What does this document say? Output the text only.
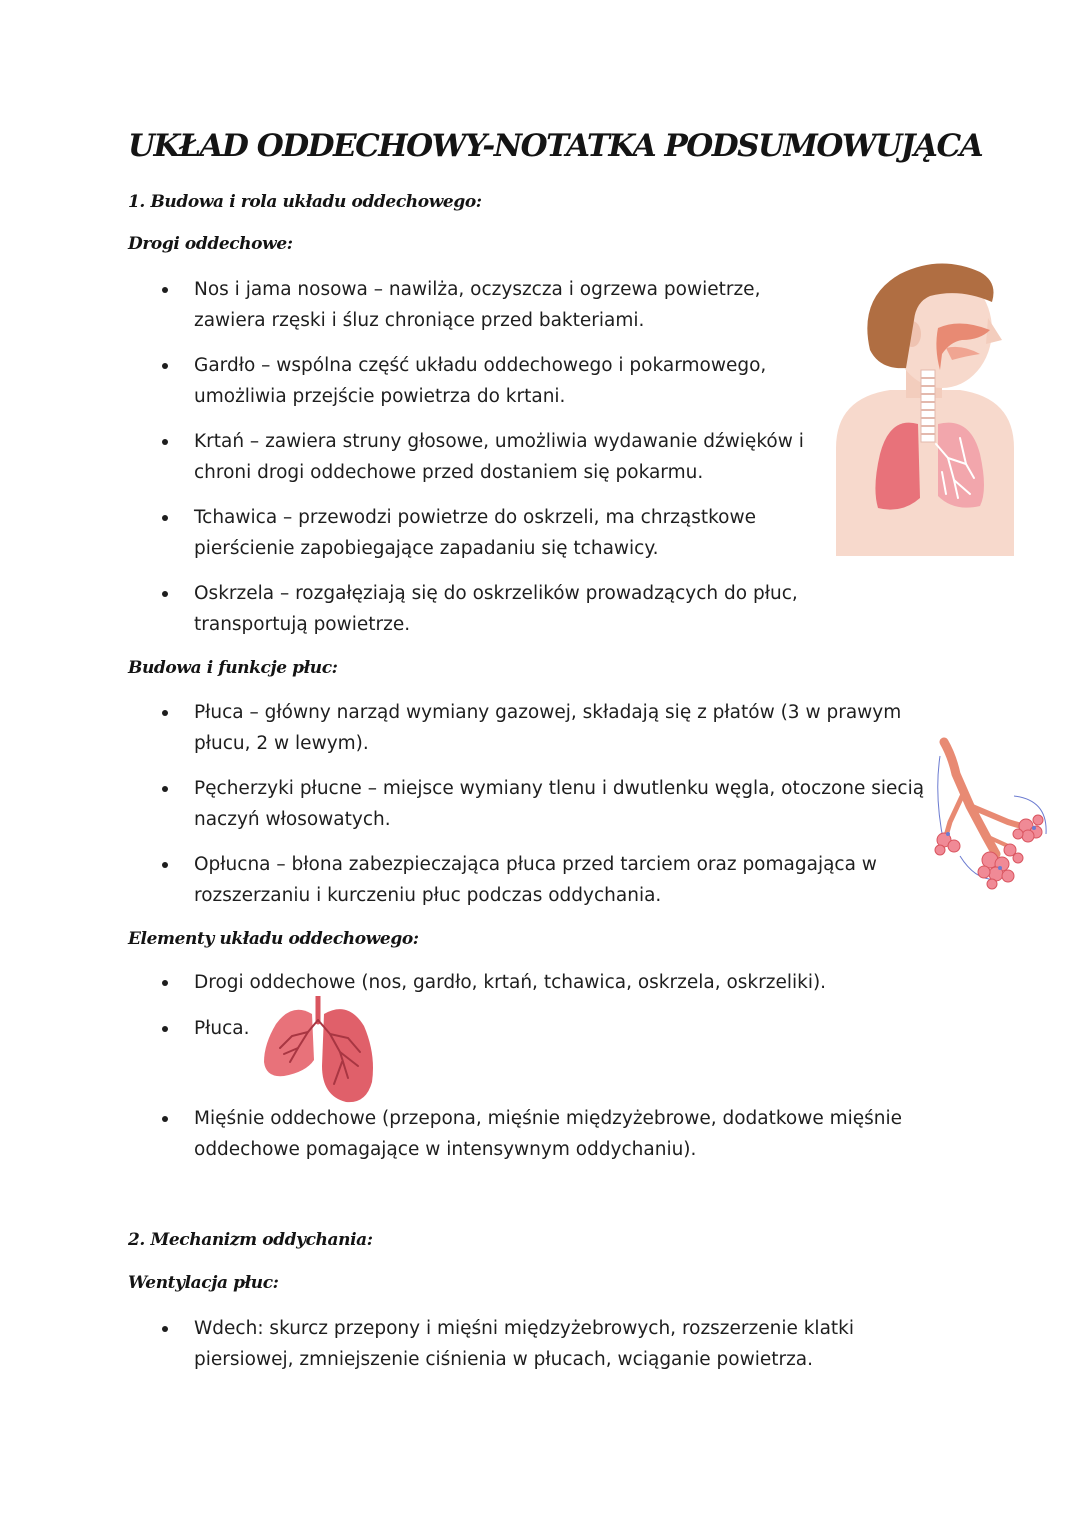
UKŁAD ODDECHOWY-NOTATKA PODSUMOWUJĄCA
1. Budowa i rola układu oddechowego:
Drogi oddechowe:
Nos i jama nosowa – nawilża, oczyszcza i ogrzewa powietrze,
zawiera rzęski i śluz chroniące przed bakteriami.
Gardło – wspólna część układu oddechowego i pokarmowego,
umożliwia przejście powietrza do krtani.
Krtań – zawiera struny głosowe, umożliwia wydawanie dźwięków i
chroni drogi oddechowe przed dostaniem się pokarmu.
Tchawica – przewodzi powietrze do oskrzeli, ma chrząstkowe
pierścienie zapobiegające zapadaniu się tchawicy.
Oskrzela – rozgałęziają się do oskrzelików prowadzących do płuc,
transportują powietrze.
Budowa i funkcje płuc:
Płuca – główny narząd wymiany gazowej, składają się z płatów (3 w prawym
płucu, 2 w lewym).
Pęcherzyki płucne – miejsce wymiany tlenu i dwutlenku węgla, otoczone siecią
naczyń włosowatych.
Opłucna – błona zabezpieczająca płuca przed tarciem oraz pomagająca w
rozszerzaniu i kurczeniu płuc podczas oddychania.
Elementy układu oddechowego:
Drogi oddechowe (nos, gardło, krtań, tchawica, oskrzela, oskrzeliki).
Płuca.
Mięśnie oddechowe (przepona, mięśnie międzyżebrowe, dodatkowe mięśnie
oddechowe pomagające w intensywnym oddychaniu).
2. Mechanizm oddychania:
Wentylacja płuc:
Wdech: skurcz przepony i mięśni międzyżebrowych, rozszerzenie klatki
piersiowej, zmniejszenie ciśnienia w płucach, wciąganie powietrza.
